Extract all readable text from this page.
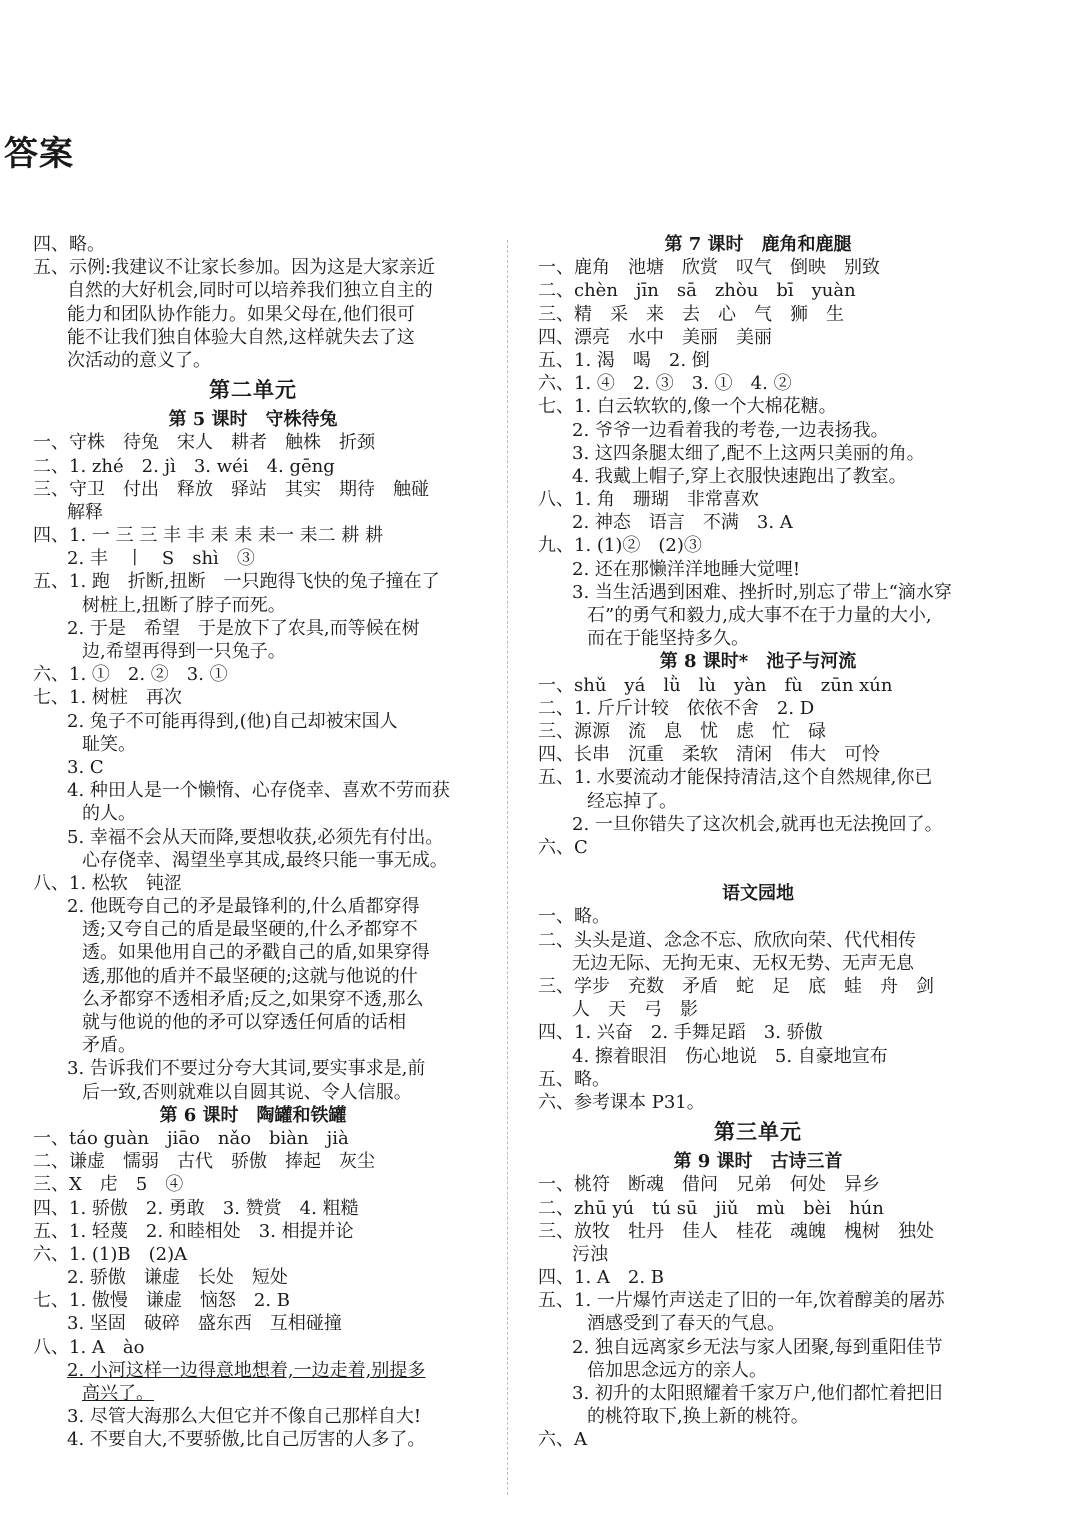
答案
四、略。
五、示例:我建议不让家长参加。因为这是大家亲近
自然的大好机会,同时可以培养我们独立自主的
能力和团队协作能力。如果父母在,他们很可
能不让我们独自体验大自然,这样就失去了这
次活动的意义了。
第二单元
第 5 课时　守株待兔
一、守株　待兔　宋人　耕者　触株　折颈
二、1. zhé　2. jì　3. wéi　4. gēng
三、守卫　付出　释放　驿站　其实　期待　触碰
解释
四、1. 一 三 三 丰 丰 耒 耒 耒一 耒二 耕 耕
2. 丰　丨　S　shì　③
五、1. 跑　折断,扭断　一只跑得飞快的兔子撞在了
树桩上,扭断了脖子而死。
2. 于是　希望　于是放下了农具,而等候在树
边,希望再得到一只兔子。
六、1. ①　2. ②　3. ①
七、1. 树桩　再次
2. 兔子不可能再得到,(他)自己却被宋国人
耻笑。
3. C
4. 种田人是一个懒惰、心存侥幸、喜欢不劳而获
的人。
5. 幸福不会从天而降,要想收获,必须先有付出。
心存侥幸、渴望坐享其成,最终只能一事无成。
八、1. 松软　钝涩
2. 他既夸自己的矛是最锋利的,什么盾都穿得
透;又夸自己的盾是最坚硬的,什么矛都穿不
透。如果他用自己的矛戳自己的盾,如果穿得
透,那他的盾并不最坚硬的;这就与他说的什
么矛都穿不透相矛盾;反之,如果穿不透,那么
就与他说的他的矛可以穿透任何盾的话相
矛盾。
3. 告诉我们不要过分夸大其词,要实事求是,前
后一致,否则就难以自圆其说、令人信服。
第 6 课时　陶罐和铁罐
一、táo guàn　jiāo　nǎo　biàn　jià
二、谦虚　懦弱　古代　骄傲　捧起　灰尘
三、X　虍　5　④
四、1. 骄傲　2. 勇敢　3. 赞赏　4. 粗糙
五、1. 轻蔑　2. 和睦相处　3. 相提并论
六、1. (1)B　(2)A
2. 骄傲　谦虚　长处　短处
七、1. 傲慢　谦虚　恼怒　2. B
3. 坚固　破碎　盛东西　互相碰撞
八、1. A　ào
2. 小河这样一边得意地想着,一边走着,别提多
高兴了。
3. 尽管大海那么大但它并不像自己那样自大!
4. 不要自大,不要骄傲,比自己厉害的人多了。
第 7 课时　鹿角和鹿腿
一、鹿角　池塘　欣赏　叹气　倒映　别致
二、chèn　jīn　sā　zhòu　bī　yuàn
三、精　采　来　去　心　气　狮　生
四、漂亮　水中　美丽　美丽
五、1. 渴　喝　2. 倒
六、1. ④　2. ③　3. ①　4. ②
七、1. 白云软软的,像一个大棉花糖。
2. 爷爷一边看着我的考卷,一边表扬我。
3. 这四条腿太细了,配不上这两只美丽的角。
4. 我戴上帽子,穿上衣服快速跑出了教室。
八、1. 角　珊瑚　非常喜欢
2. 神态　语言　不满　3. A
九、1. (1)②　(2)③
2. 还在那懒洋洋地睡大觉哩!
3. 当生活遇到困难、挫折时,别忘了带上“滴水穿
石”的勇气和毅力,成大事不在于力量的大小,
而在于能坚持多久。
第 8 课时*　池子与河流
一、shǔ　yá　lǜ　lù　yàn　fù　zūn xún
二、1. 斤斤计较　依依不舍　2. D
三、源源　流　息　忧　虑　忙　碌
四、长串　沉重　柔软　清闲　伟大　可怜
五、1. 水要流动才能保持清洁,这个自然规律,你已
经忘掉了。
2. 一旦你错失了这次机会,就再也无法挽回了。
六、C
语文园地
一、略。
二、头头是道、念念不忘、欣欣向荣、代代相传
无边无际、无拘无束、无权无势、无声无息
三、学步　充数　矛盾　蛇　足　底　蛙　舟　剑
人　天　弓　影
四、1. 兴奋　2. 手舞足蹈　3. 骄傲
4. 擦着眼泪　伤心地说　5. 自豪地宣布
五、略。
六、参考课本 P31。
第三单元
第 9 课时　古诗三首
一、桃符　断魂　借问　兄弟　何处　异乡
二、zhū yú　tú sū　jiǔ　mù　bèi　hún
三、放牧　牡丹　佳人　桂花　魂魄　槐树　独处
污浊
四、1. A　2. B
五、1. 一片爆竹声送走了旧的一年,饮着醇美的屠苏
酒感受到了春天的气息。
2. 独自远离家乡无法与家人团聚,每到重阳佳节
倍加思念远方的亲人。
3. 初升的太阳照耀着千家万户,他们都忙着把旧
的桃符取下,换上新的桃符。
六、A
